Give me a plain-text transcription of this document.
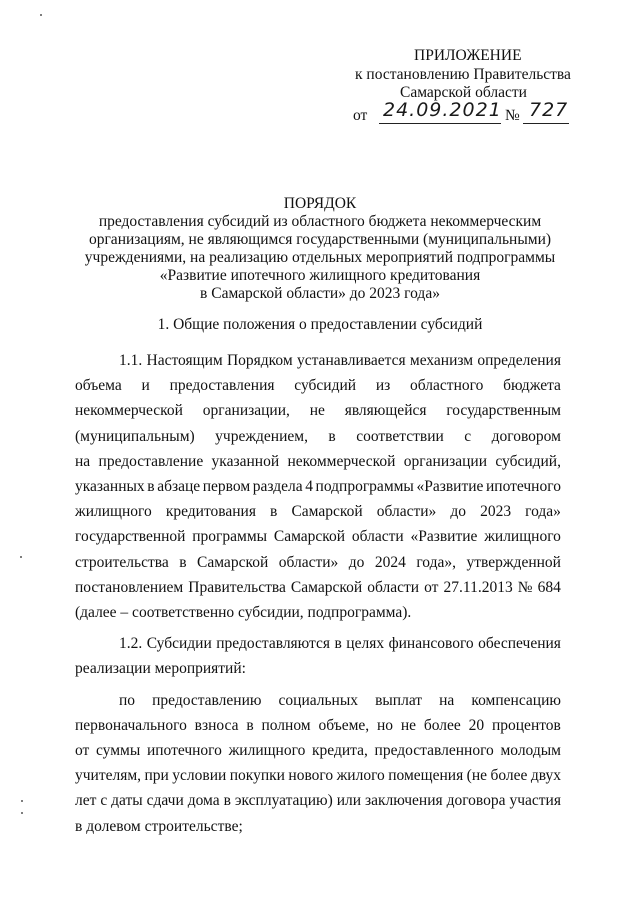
ПРИЛОЖЕНИЕ
к постановлению Правительства
Самарской области
от 24.09.2021 № 727
ПОРЯДОК
предоставления субсидий из областного бюджета некоммерческим
организациям, не являющимся государственными (муниципальными)
учреждениями, на реализацию отдельных мероприятий подпрограммы
«Развитие ипотечного жилищного кредитования
в Самарской области» до 2023 года»
1. Общие положения о предоставлении субсидий
1.1. Настоящим Порядком устанавливается механизм определения
объема и предоставления субсидий из областного бюджета
некоммерческой организации, не являющейся государственным
(муниципальным) учреждением, в соответствии с договором
на предоставление указанной некоммерческой организации субсидий,
указанных в абзаце первом раздела 4 подпрограммы «Развитие ипотечного
жилищного кредитования в Самарской области» до 2023 года»
государственной программы Самарской области «Развитие жилищного
строительства в Самарской области» до 2024 года», утвержденной
постановлением Правительства Самарской области от 27.11.2013 № 684
(далее – соответственно субсидии, подпрограмма).
1.2. Субсидии предоставляются в целях финансового обеспечения
реализации мероприятий:
по предоставлению социальных выплат на компенсацию
первоначального взноса в полном объеме, но не более 20 процентов
от суммы ипотечного жилищного кредита, предоставленного молодым
учителям, при условии покупки нового жилого помещения (не более двух
лет с даты сдачи дома в эксплуатацию) или заключения договора участия
в долевом строительстве;
